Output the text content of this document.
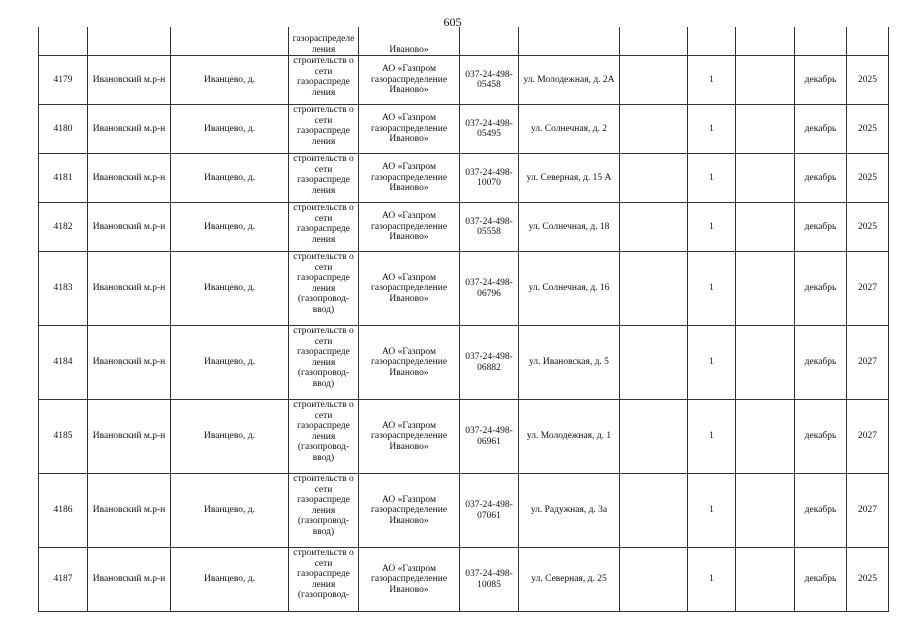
605
			газораспределе ления	Иваново»							
4179	Ивановский м.р-н	Иванцево, д.	строительств о сети газораспреде ления	АО «Газпром газораспределение Иваново»	037-24-498-05458	ул. Молодежная, д. 2А		1		декабрь	2025
4180	Ивановский м.р-н	Иванцево, д.	строительств о сети газораспреде ления	АО «Газпром газораспределение Иваново»	037-24-498-05495	ул. Солнечная, д. 2		1		декабрь	2025
4181	Ивановский м.р-н	Иванцево, д.	строительств о сети газораспреде ления	АО «Газпром газораспределение Иваново»	037-24-498-10070	ул. Северная, д. 15 А		1		декабрь	2025
4182	Ивановский м.р-н	Иванцево, д.	строительств о сети газораспреде ления	АО «Газпром газораспределение Иваново»	037-24-498-05558	ул. Солнечная, д. 18		1		декабрь	2025
4183	Ивановский м.р-н	Иванцево, д.	строительств о сети газораспреде ления (газопровод-ввод)	АО «Газпром газораспределение Иваново»	037-24-498-06796	ул. Солнечная, д. 16		1		декабрь	2027
4184	Ивановский м.р-н	Иванцево, д.	строительств о сети газораспреде ления (газопровод-ввод)	АО «Газпром газораспределение Иваново»	037-24-498-06882	ул. Ивановская, д. 5		1		декабрь	2027
4185	Ивановский м.р-н	Иванцево, д.	строительств о сети газораспреде ления (газопровод-ввод)	АО «Газпром газораспределение Иваново»	037-24-498-06961	ул. Молодежная, д. 1		1		декабрь	2027
4186	Ивановский м.р-н	Иванцево, д.	строительств о сети газораспреде ления (газопровод-ввод)	АО «Газпром газораспределение Иваново»	037-24-498-07061	ул. Радужная, д. 3а		1		декабрь	2027
4187	Ивановский м.р-н	Иванцево, д.	строительств о сети газораспреде ления (газопровод-	АО «Газпром газораспределение Иваново»	037-24-498-10085	ул. Северная, д. 25		1		декабрь	2025
